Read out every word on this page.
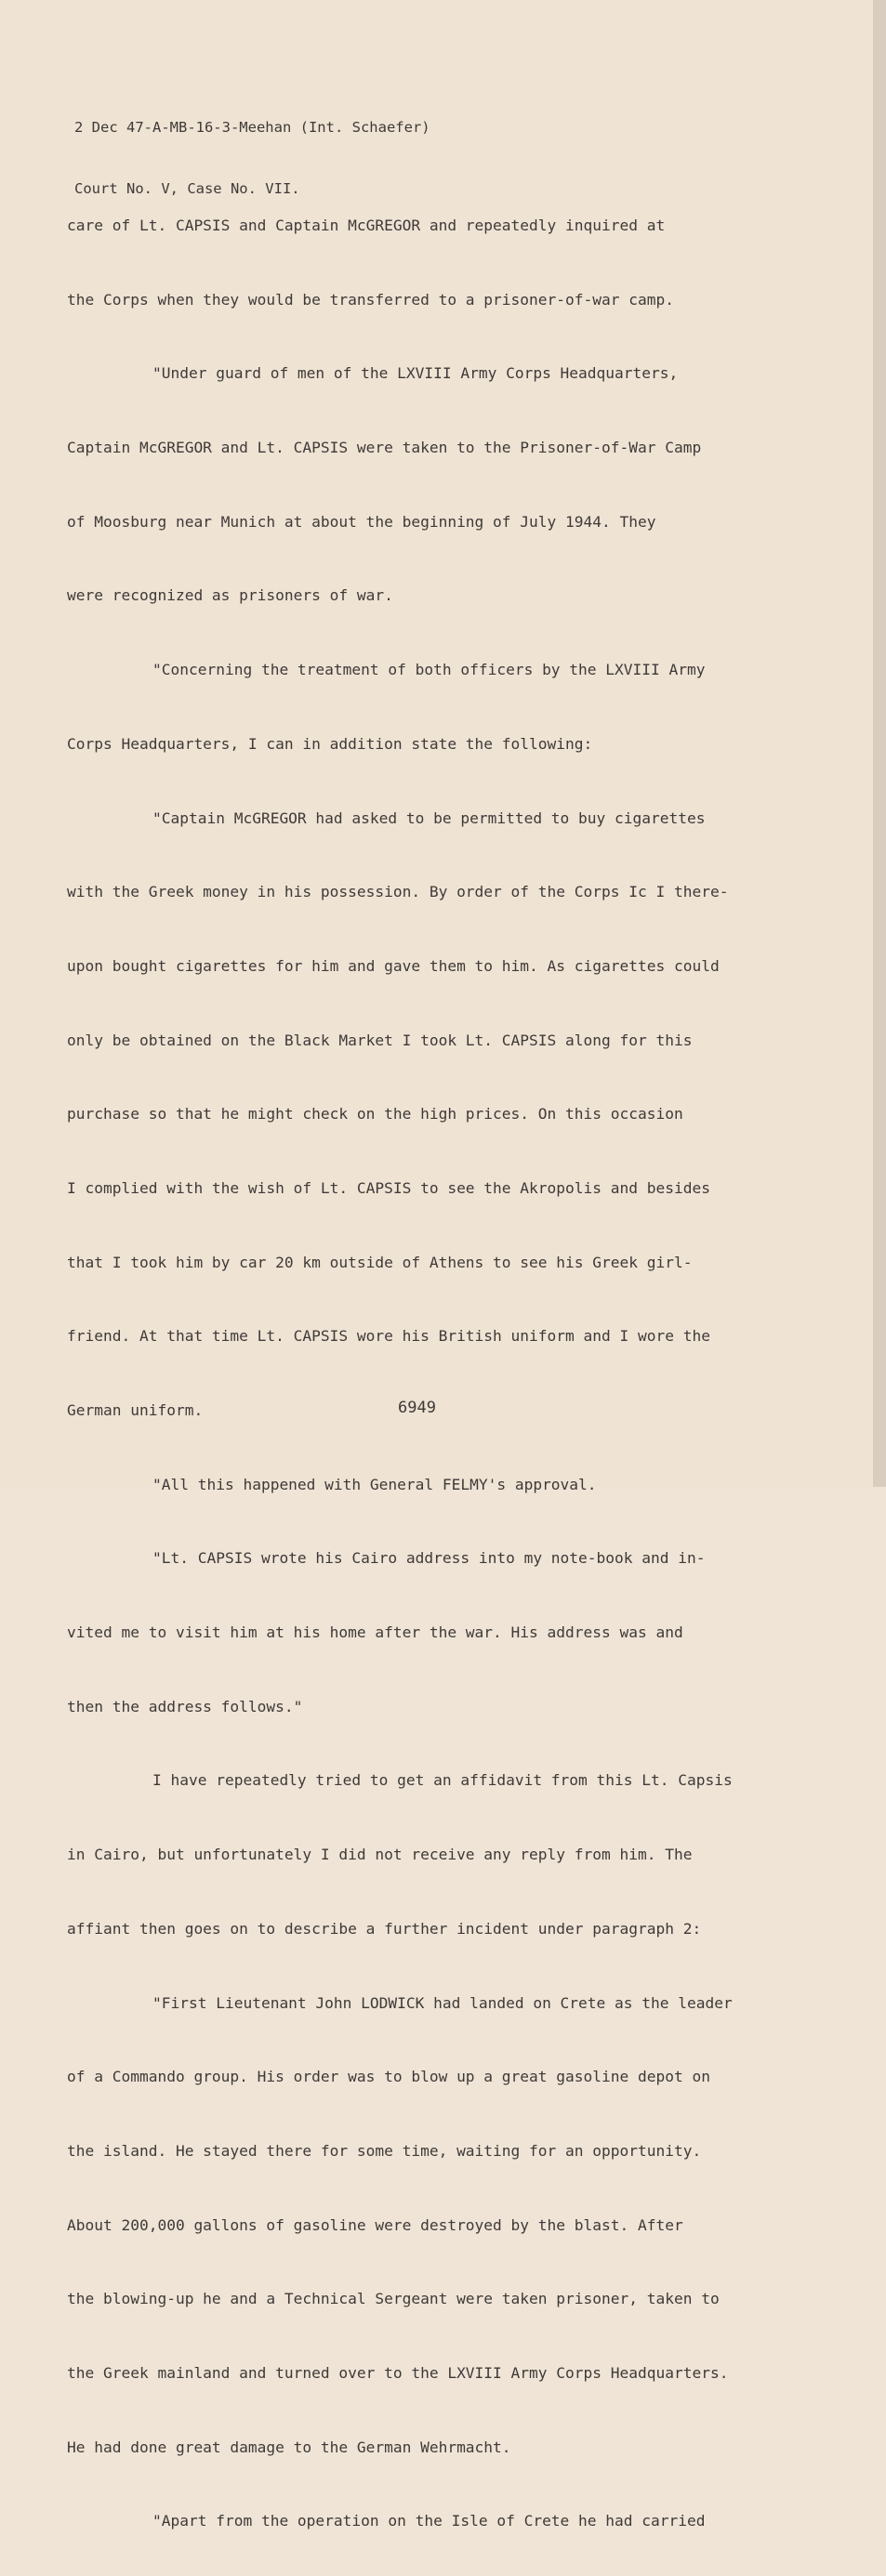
2 Dec 47-A-MB-16-3-Meehan (Int. Schaefer)

Court No. V, Case No. VII.

care of Lt. CAPSIS and Captain McGREGOR and repeatedly inquired at

the Corps when they would be transferred to a prisoner-of-war camp.

"Under guard of men of the LXVIII Army Corps Headquarters,

Captain McGREGOR and Lt. CAPSIS were taken to the Prisoner-of-War Camp

of Moosburg near Munich at about the beginning of July 1944. They

were recognized as prisoners of war.

"Concerning the treatment of both officers by the LXVIII Army

Corps Headquarters, I can in addition state the following:

"Captain McGREGOR had asked to be permitted to buy cigarettes

with the Greek money in his possession. By order of the Corps Ic I there-

upon bought cigarettes for him and gave them to him. As cigarettes could

only be obtained on the Black Market I took Lt. CAPSIS along for this

purchase so that he might check on the high prices. On this occasion

I complied with the wish of Lt. CAPSIS to see the Akropolis and besides

that I took him by car 20 km outside of Athens to see his Greek girl-

friend. At that time Lt. CAPSIS wore his British uniform and I wore the

German uniform.

"All this happened with General FELMY's approval.

"Lt. CAPSIS wrote his Cairo address into my note-book and in-

vited me to visit him at his home after the war. His address was and

then the address follows."

I have repeatedly tried to get an affidavit from this Lt. Capsis

in Cairo, but unfortunately I did not receive any reply from him. The

affiant then goes on to describe a further incident under paragraph 2:

"First Lieutenant John LODWICK had landed on Crete as the leader

of a Commando group. His order was to blow up a great gasoline depot on

the island. He stayed there for some time, waiting for an opportunity.

About 200,000 gallons of gasoline were destroyed by the blast. After

the blowing-up he and a Technical Sergeant were taken prisoner, taken to

the Greek mainland and turned over to the LXVIII Army Corps Headquarters.

He had done great damage to the German Wehrmacht.

"Apart from the operation on the Isle of Crete he had carried

6949
